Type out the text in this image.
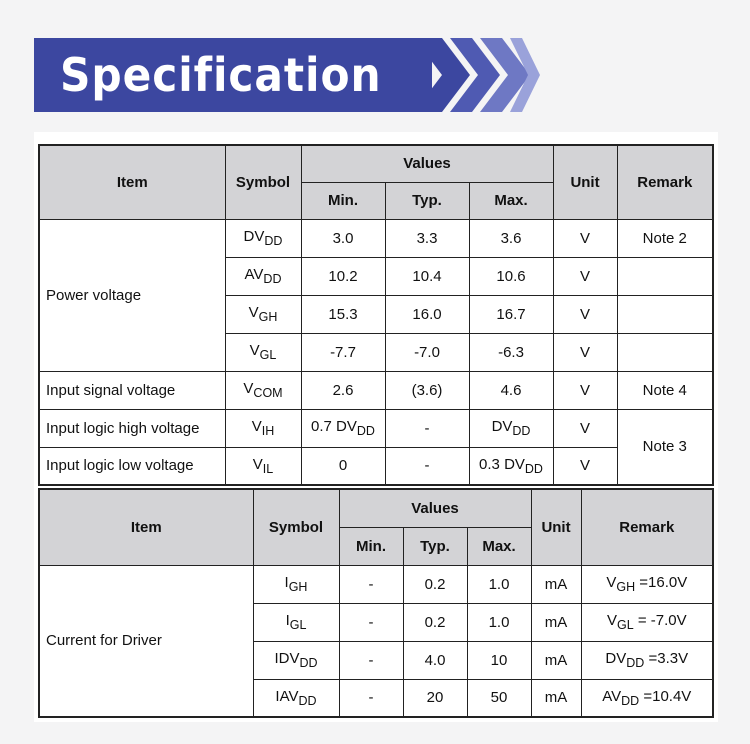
Specification
Item	Symbol	Values			Unit	Remark
		Min.	Typ.	Max.		
Power voltage	$DV_{DD}$	3.0	3.3	3.6	V	Note 2
	$AV_{DD}$	10.2	10.4	10.6	V	
	$V_{GH}$	15.3	16.0	16.7	V	
	$V_{GL}$	-7.7	-7.0	-6.3	V	
Input signal voltage	$V_{COM}$	2.6	(3.6)	4.6	V	Note 4
Input logic high voltage	$V_{IH}$	0.7 $DV_{DD}$	-	$DV_{DD}$	V	Note 3
Input logic low voltage	$V_{IL}$	0	-	0.3 $DV_{DD}$	V	
Item	Symbol	Values			Unit	Remark
		Min.	Typ.	Max.		
Current for Driver	$I_{GH}$	-	0.2	1.0	mA	$V_{GH} =16.0V$
	$I_{GL}$	-	0.2	1.0	mA	$V_{GL} = -7.0V$
	$IDV_{DD}$	-	4.0	10	mA	$DV_{DD} =3.3V$
	$IAV_{DD}$	-	20	50	mA	$AV_{DD} =10.4V$
